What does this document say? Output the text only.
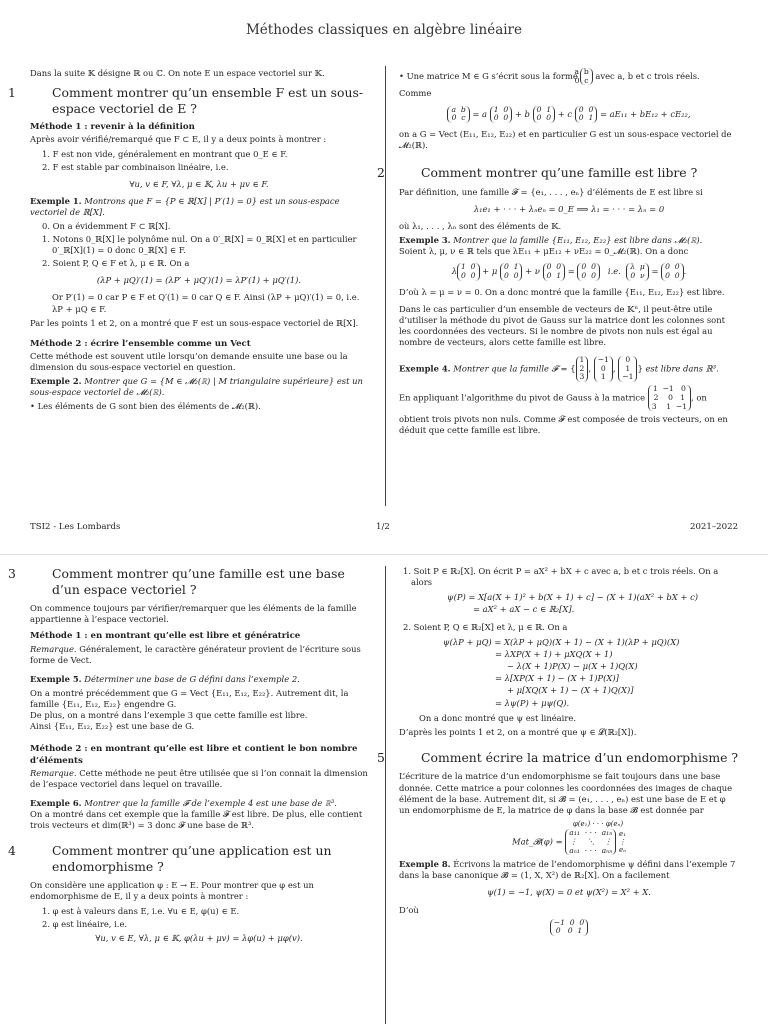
Méthodes classiques en algèbre linéaire

Dans la suite 𝕂 désigne ℝ ou ℂ. On note E un espace vectoriel sur 𝕂.

1	Comment montrer qu’un ensemble F est un sous-espace vectoriel de E ?
Méthode 1 : revenir à la définition

Après avoir vérifié/remarqué que F ⊂ E, il y a deux points à montrer :

1. F est non vide, généralement en montrant que 0_E ∈ F.
2. F est stable par combinaison linéaire, i.e.
∀u, v ∈ F, ∀λ, μ ∈ 𝕂, λu + μv ∈ F.

Exemple 1. Montrons que F = {P ∈ ℝ[X] | P′(1) = 0} est un sous-espace vectoriel de ℝ[X].

0. On a évidemment F ⊂ ℝ[X].
1. Notons 0_ℝ[X] le polynôme nul. On a 0′_ℝ[X] = 0_ℝ[X] et en particulier 0′_ℝ[X](1) = 0 donc 0_ℝ[X] ∈ F.
2. Soient P, Q ∈ F et λ, μ ∈ ℝ. On a
(λP + μQ)′(1) = (λP′ + μQ′)(1) = λP′(1) + μQ′(1).

Or P′(1) = 0 car P ∈ F et Q′(1) = 0 car Q ∈ F. Ainsi (λP + μQ)′(1) = 0, i.e. λP + μQ ∈ F.

Par les points 1 et 2, on a montré que F est un sous-espace vectoriel de ℝ[X].

Méthode 2 : écrire l’ensemble comme un Vect

Cette méthode est souvent utile lorsqu’on demande ensuite une base ou la dimension du sous-espace vectoriel en question.

Exemple 2. Montrer que G = {M ∈ 𝓜₂(ℝ) | M triangulaire supérieure} est un sous-espace vectoriel de 𝓜₂(ℝ).

• Les éléments de G sont bien des éléments de 𝓜₂(ℝ).

• Une matrice M ∈ G s’écrit sous la forme
a  b
0  c avec a, b et c trois réels.

Comme

a  b
0  c = a 1  0
0  0 + b 0  1
0  0 + c 0  0
0  1 = aE₁₁ + bE₁₂ + cE₂₂,

on a G = Vect (E₁₁, E₁₂, E₂₂) et en particulier G est un sous-espace vectoriel de 𝓜₂(ℝ).

2	Comment montrer qu’une famille est libre ?

Par définition, une famille 𝓕 = {e₁, . . . , eₙ} d’éléments de E est libre si

λ₁e₁ + · · · + λₙeₙ = 0_E ⟹ λ₁ = · · · = λₙ = 0

où λ₁, . . . , λₙ sont des éléments de 𝕂.

Exemple 3. Montrer que la famille {E₁₁, E₁₂, E₂₂} est libre dans 𝓜₂(ℝ).

Soient λ, μ, ν ∈ ℝ tels que λE₁₁ + μE₁₂ + νE₂₂ = 0_𝓜₂(ℝ). On a donc

λ 1  0
0  0 + μ 0  1
0  0 + ν 0  0
0  1 = 0  0
0  0 i.e. λ  μ
0  ν = 0  0
0  0 .

D’où λ = μ = ν = 0. On a donc montré que la famille {E₁₁, E₁₂, E₂₂} est libre.

Dans le cas particulier d’un ensemble de vecteurs de 𝕂ⁿ, il peut-être utile d’utiliser la méthode du pivot de Gauss sur la matrice dont les colonnes sont les coordonnées des vecteurs. Si le nombre de pivots non nuls est égal au nombre de vecteurs, alors cette famille est libre.

Exemple 4. Montrer que la famille 𝓕 = {
1
2
3
,
−1
0
1
,
0
1
−1
} est libre dans ℝ³.

En appliquant l’algorithme du pivot de Gauss à la matrice
1  −1   0
2    0   1
3    1  −1
, on

obtient trois pivots non nuls. Comme 𝓕 est composée de trois vecteurs, on en déduit que cette famille est libre.

TSI2 - Les Lombards	1/2	2021–2022
3	Comment montrer qu’une famille est une base d’un espace vectoriel ?

On commence toujours par vérifier/remarquer que les éléments de la famille appartienne à l’espace vectoriel.

Méthode 1 : en montrant qu’elle est libre et génératrice

Remarque. Généralement, le caractère générateur provient de l’écriture sous forme de Vect.

Exemple 5. Déterminer une base de G défini dans l’exemple 2.

On a montré précédemment que G = Vect {E₁₁, E₁₂, E₂₂}. Autrement dit, la famille {E₁₁, E₁₂, E₂₂} engendre G.

De plus, on a montré dans l’exemple 3 que cette famille est libre.

Ainsi {E₁₁, E₁₂, E₂₂} est une base de G.

Méthode 2 : en montrant qu’elle est libre et contient le bon nombre d’éléments

Remarque. Cette méthode ne peut être utilisée que si l’on connait la dimension de l’espace vectoriel dans lequel on travaille.

Exemple 6. Montrer que la famille 𝓕 de l’exemple 4 est une base de ℝ³.

On a montré dans cet exemple que la famille 𝓕 est libre. De plus, elle contient trois vecteurs et dim(ℝ³) = 3 donc 𝓕 une base de ℝ³.

4	Comment montrer qu’une application est un endomorphisme ?

On considère une application φ : E → E. Pour montrer que φ est un endomorphisme de E, il y a deux points à montrer :

1. φ est à valeurs dans E, i.e. ∀u ∈ E, φ(u) ∈ E.
2. φ est linéaire, i.e.
∀u, v ∈ E, ∀λ, μ ∈ 𝕂, φ(λu + μv) = λφ(u) + μφ(v).

1. Soit P ∈ ℝ₂[X]. On écrit P = aX² + bX + c avec a, b et c trois réels. On a alors

ψ(P) = X[a(X + 1)² + b(X + 1) + c] − (X + 1)(aX² + bX + c)
= aX² + aX − c ∈ ℝ₂[X].

2. Soient P, Q ∈ ℝ₂[X] et λ, μ ∈ ℝ. On a

ψ(λP + μQ) = X(λP + μQ)(X + 1) − (X + 1)(λP + μQ)(X)
= λXP(X + 1) + μXQ(X + 1)
− λ(X + 1)P(X) − μ(X + 1)Q(X)
= λ[XP(X + 1) − (X + 1)P(X)]
+ μ[XQ(X + 1) − (X + 1)Q(X)]
= λψ(P) + μψ(Q).

On a donc montré que ψ est linéaire.

D’après les points 1 et 2, on a montré que ψ ∈ 𝓛(ℝ₂[X]).

5	Comment écrire la matrice d’un endomorphisme ?

L’écriture de la matrice d’un endomorphisme se fait toujours dans une base donnée. Cette matrice a pour colonnes les coordonnées des images de chaque élément de la base. Autrement dit, si 𝓑 = (e₁, . . . , eₙ) est une base de E et φ un endomorphisme de E, la matrice de φ dans la base 𝓑 est donnée par

φ(e₁) · · · φ(eₙ)
Mat_𝓑(φ) =
a₁₁  · · ·  a₁ₙ
⋮    ⋱    ⋮
aₙ₁  · · ·  aₙₙ

e₁
⋮
eₙ

Exemple 8. Écrivons la matrice de l’endomorphisme ψ défini dans l’exemple 7 dans la base canonique 𝓑 = (1, X, X²) de ℝ₂[X]. On a facilement

ψ(1) = −1, ψ(X) = 0 et ψ(X²) = X² + X.

D’où

−1  0  0
0   0  1
